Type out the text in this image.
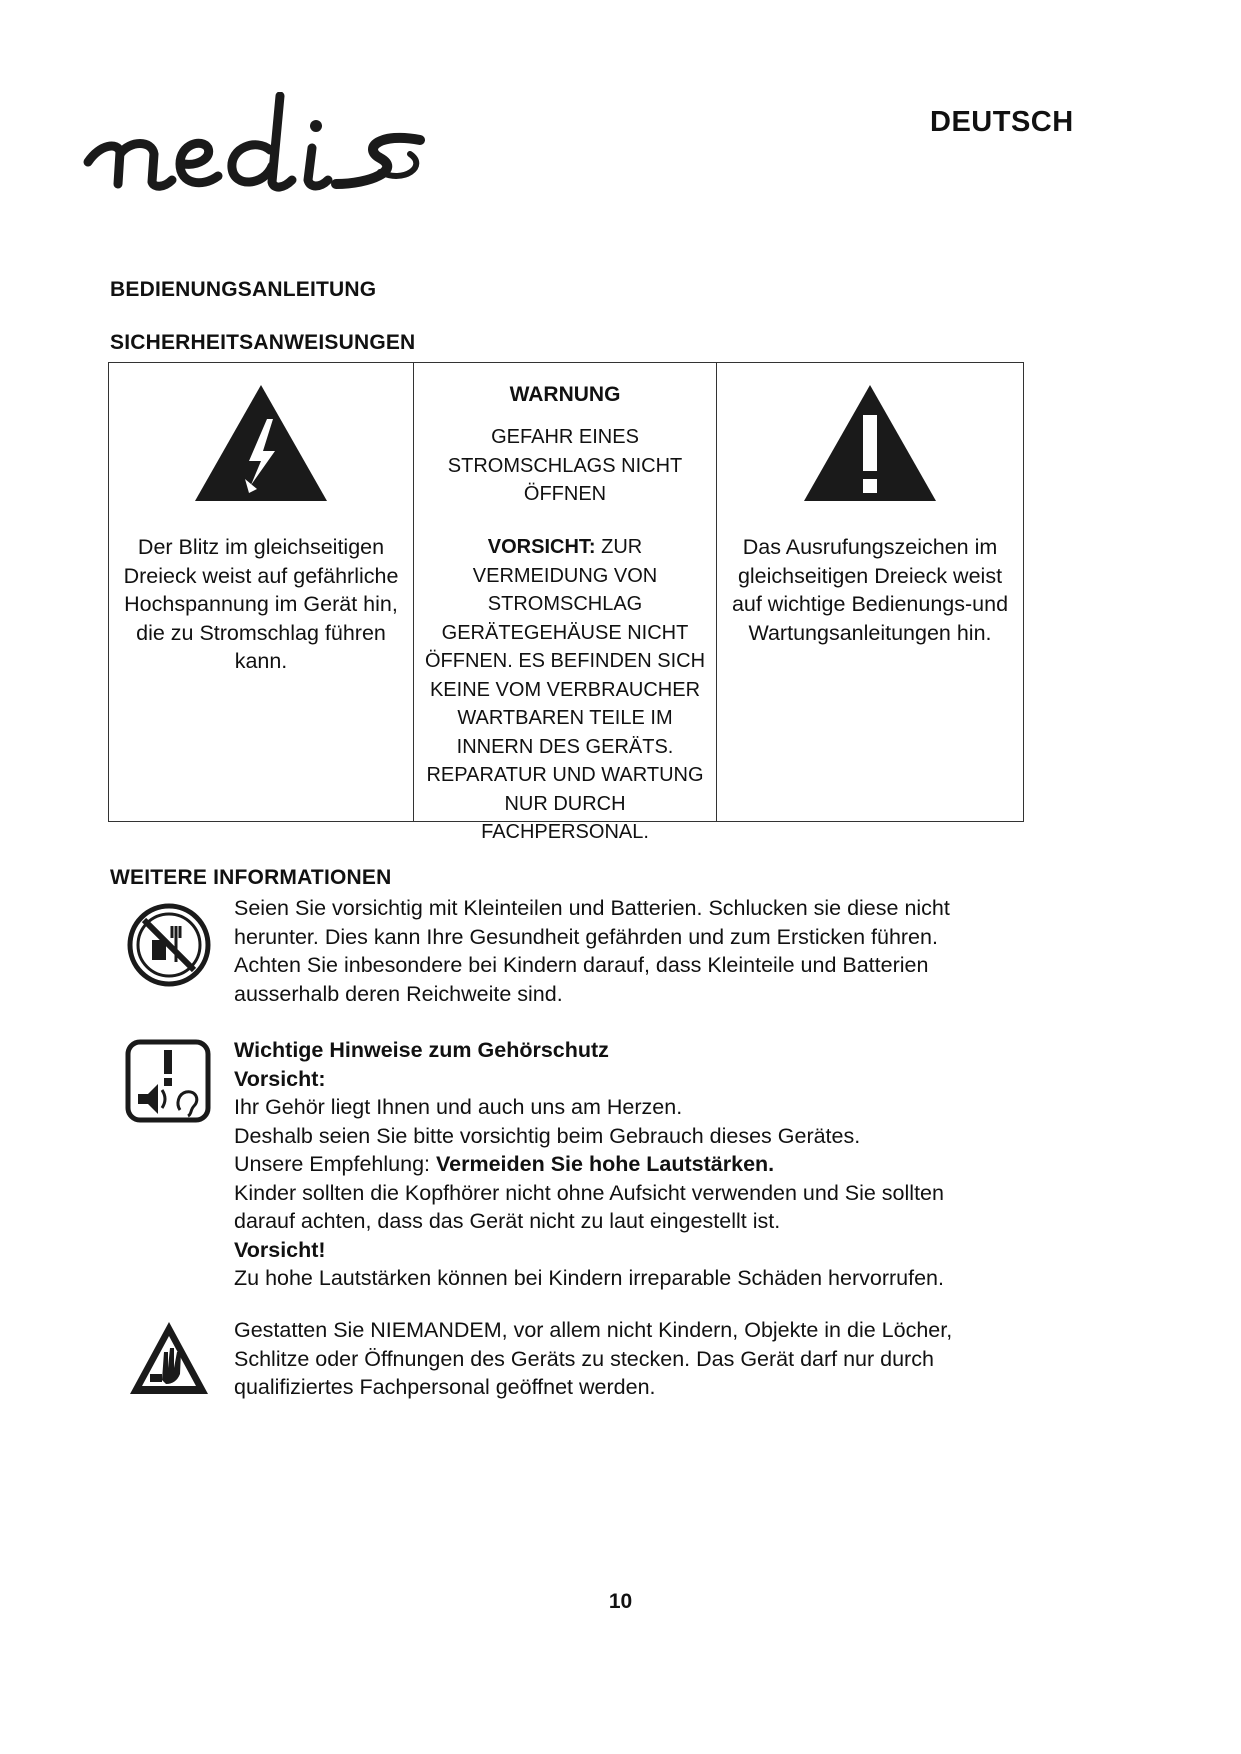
DEUTSCH
BEDIENUNGSANLEITUNG
SICHERHEITSANWEISUNGEN
Der Blitz im gleichseitigen Dreieck weist auf gefährliche Hochspannung im Gerät hin, die zu Stromschlag führen kann.
WARNUNG
GEFAHR EINES STROMSCHLAGS NICHT ÖFFNEN
VORSICHT: ZUR VERMEIDUNG VON STROMSCHLAG GERÄTEGEHÄUSE NICHT ÖFFNEN. ES BEFINDEN SICH KEINE VOM VERBRAUCHER WARTBAREN TEILE IM INNERN DES GERÄTS. REPARATUR UND WARTUNG NUR DURCH FACHPERSONAL.
Das Ausrufungszeichen im gleichseitigen Dreieck weist auf wichtige Bedienungs-und Wartungsanleitungen hin.
WEITERE INFORMATIONEN
Seien Sie vorsichtig mit Kleinteilen und Batterien. Schlucken sie diese nicht herunter. Dies kann Ihre Gesundheit gefährden und zum Ersticken führen. Achten Sie inbesondere bei Kindern darauf, dass Kleinteile und Batterien ausserhalb deren Reichweite sind.
Wichtige Hinweise zum Gehörschutz
Vorsicht:
Ihr Gehör liegt Ihnen und auch uns am Herzen.
Deshalb seien Sie bitte vorsichtig beim Gebrauch dieses Gerätes.
Unsere Empfehlung: Vermeiden Sie hohe Lautstärken.
Kinder sollten die Kopfhörer nicht ohne Aufsicht verwenden und Sie sollten darauf achten, dass das Gerät nicht zu laut eingestellt ist.
Vorsicht!
Zu hohe Lautstärken können bei Kindern irreparable Schäden hervorrufen.
Gestatten Sie NIEMANDEM, vor allem nicht Kindern, Objekte in die Löcher, Schlitze oder Öffnungen des Geräts zu stecken. Das Gerät darf nur durch qualifiziertes Fachpersonal geöffnet werden.
10
